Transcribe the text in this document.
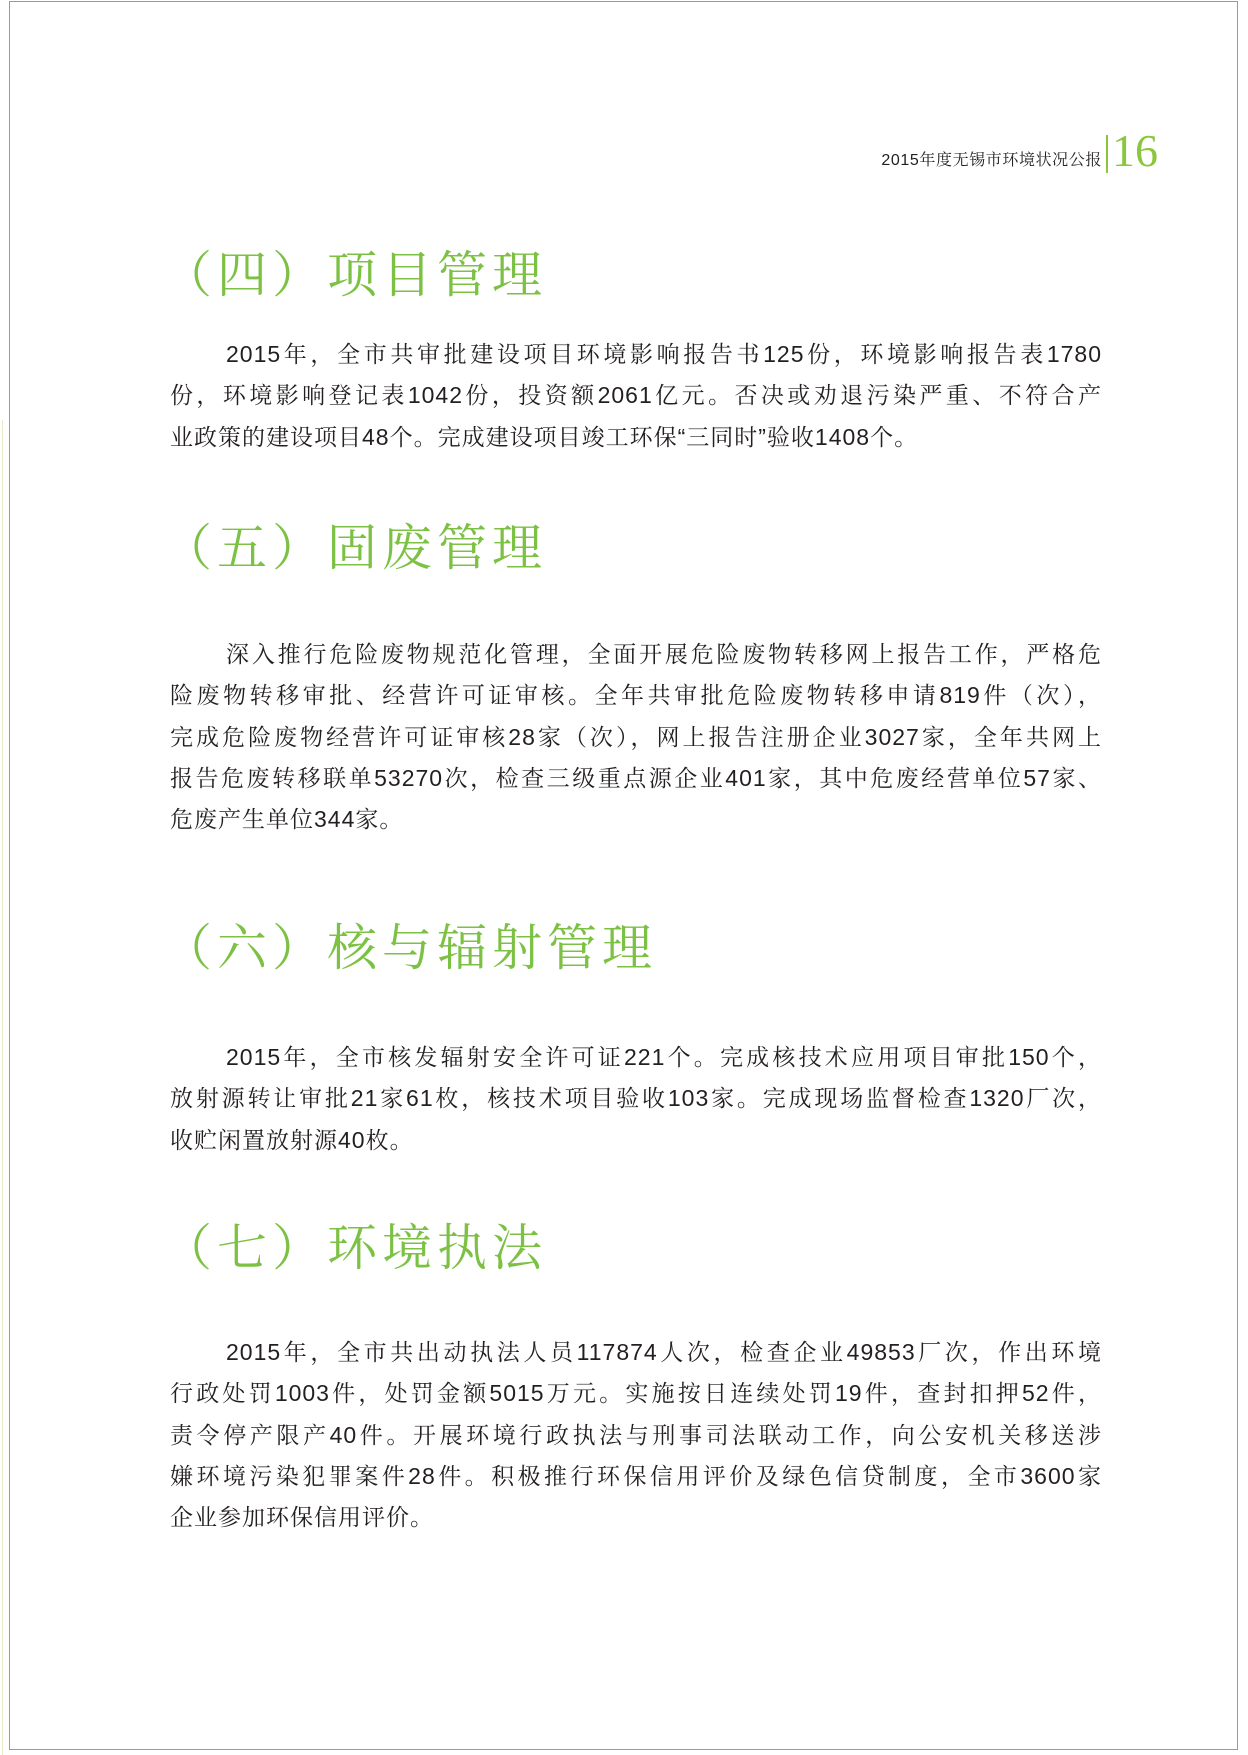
2015年度无锡市环境状况公报 16
（四）项目管理
2015年，全市共审批建设项目环境影响报告书125份，环境影响报告表1780
份，环境影响登记表1042份，投资额2061亿元。否决或劝退污染严重、不符合产
业政策的建设项目48个。完成建设项目竣工环保“三同时”验收1408个。
（五）固废管理
深入推行危险废物规范化管理，全面开展危险废物转移网上报告工作，严格危
险废物转移审批、经营许可证审核。全年共审批危险废物转移申请819件（次），
完成危险废物经营许可证审核28家（次），网上报告注册企业3027家，全年共网上
报告危废转移联单53270次，检查三级重点源企业401家，其中危废经营单位57家、
危废产生单位344家。
（六）核与辐射管理
2015年，全市核发辐射安全许可证221个。完成核技术应用项目审批150个，
放射源转让审批21家61枚，核技术项目验收103家。完成现场监督检查1320厂次，
收贮闲置放射源40枚。
（七）环境执法
2015年，全市共出动执法人员117874人次，检查企业49853厂次，作出环境
行政处罚1003件，处罚金额5015万元。实施按日连续处罚19件，查封扣押52件，
责令停产限产40件。开展环境行政执法与刑事司法联动工作，向公安机关移送涉
嫌环境污染犯罪案件28件。积极推行环保信用评价及绿色信贷制度，全市3600家
企业参加环保信用评价。
